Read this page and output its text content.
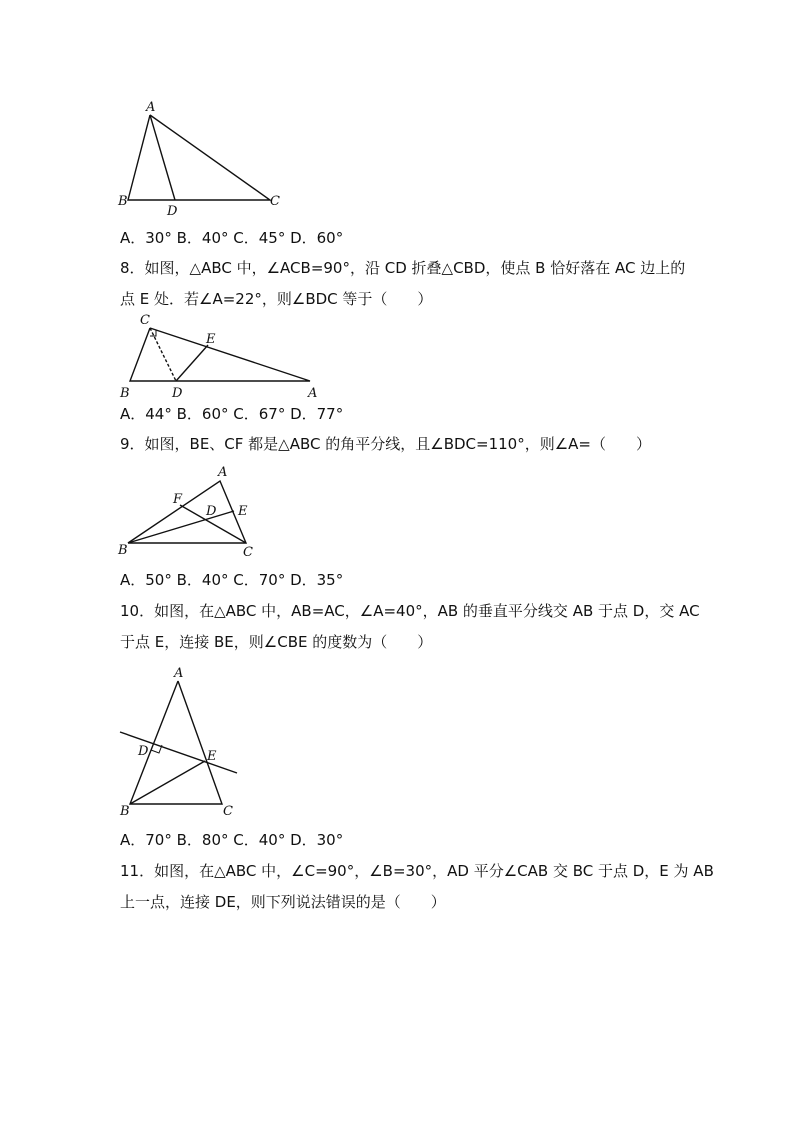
A
B
D
C
A．30° B．40° C．45° D．60°
8．如图，△ABC 中，∠ACB=90°，沿 CD 折叠△CBD，使点 B 恰好落在 AC 边上的
点 E 处．若∠A=22°，则∠BDC 等于（　　）
C
E
B	D	A
A．44° B．60° C．67° D．77°
9．如图，BE、CF 都是△ABC 的角平分线，且∠BDC=110°，则∠A=（　　）
A
F
D E
B	C
A．50° B．40° C．70° D．35°
10．如图，在△ABC 中，AB=AC，∠A=40°，AB 的垂直平分线交 AB 于点 D，交 AC
于点 E，连接 BE，则∠CBE 的度数为（　　）
A
D	E
B	C
A．70° B．80° C．40° D．30°
11．如图，在△ABC 中，∠C=90°，∠B=30°，AD 平分∠CAB 交 BC 于点 D，E 为 AB
上一点，连接 DE，则下列说法错误的是（　　）
